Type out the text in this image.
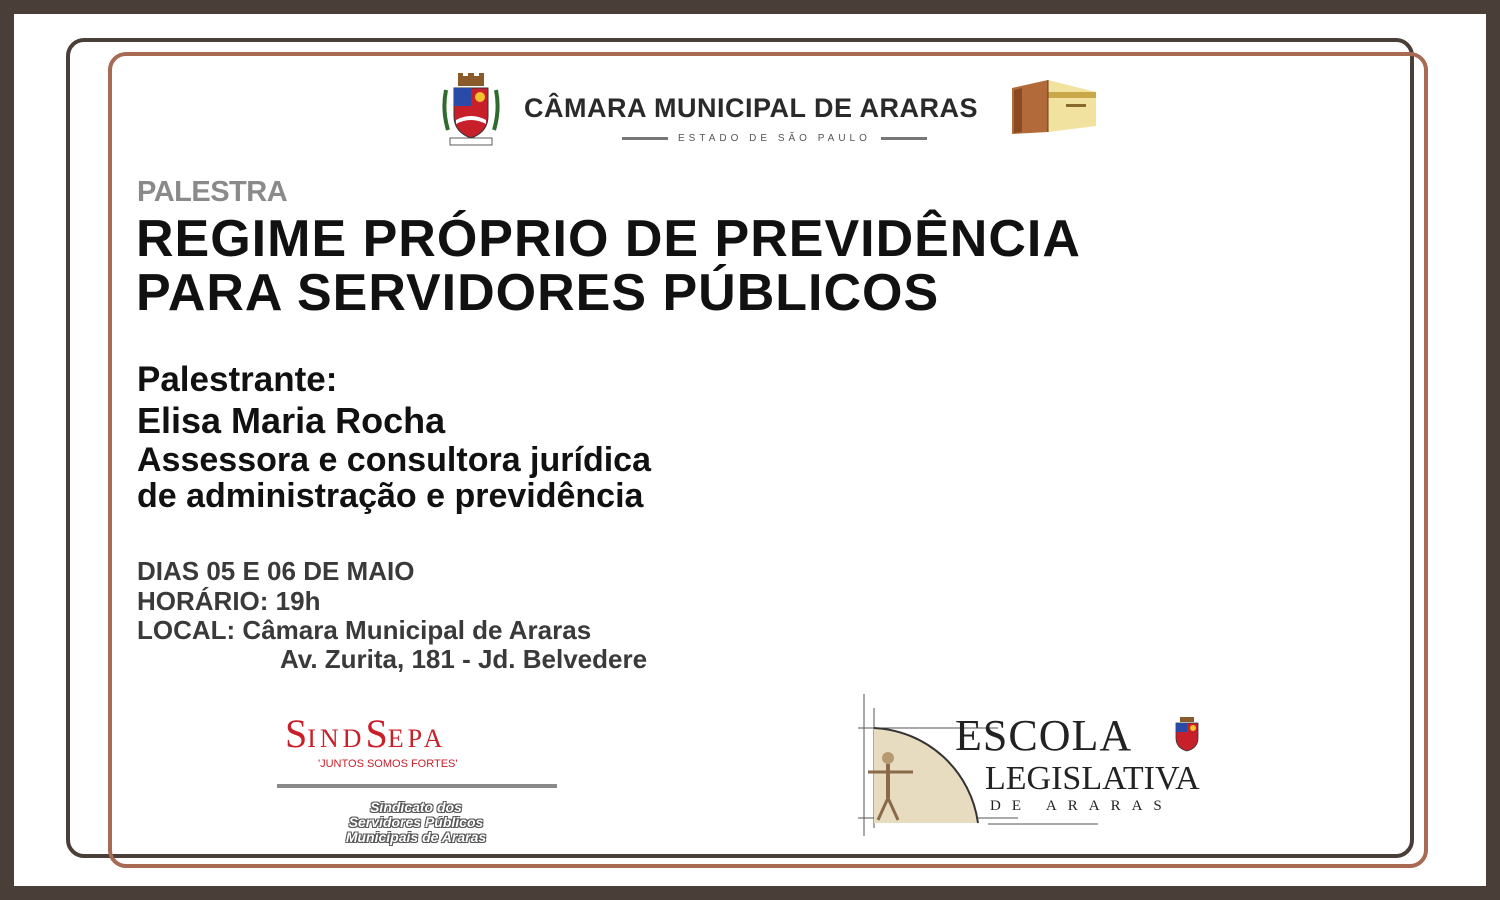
CÂMARA MUNICIPAL DE ARARAS
ESTADO DE SÃO PAULO
PALESTRA
REGIME PRÓPRIO DE PREVIDÊNCIA
PARA SERVIDORES PÚBLICOS
Palestrante:
Elisa Maria Rocha
Assessora e consultora jurídica
de administração e previdência
DIAS 05 E 06 DE MAIO
HORÁRIO: 19h
LOCAL: Câmara Municipal de Araras
Av. Zurita, 181 - Jd. Belvedere
SINDSEPA
'JUNTOS SOMOS FORTES'
Sindicato dos
Servidores Públicos
Municipais de Araras
ESCOLA
LEGISLATIVA
DE ARARAS
